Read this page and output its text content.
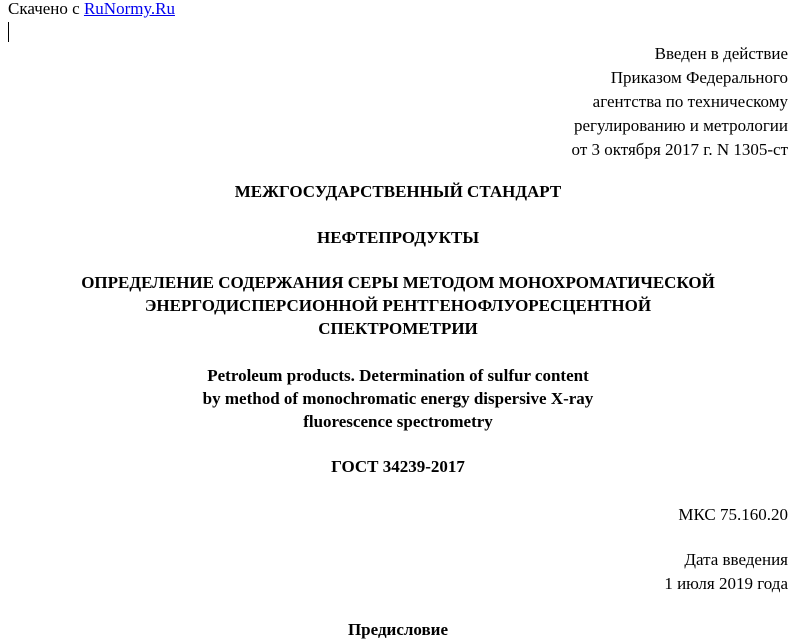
Скачено с RuNormy.Ru
Введен в действие
Приказом Федерального
агентства по техническому
регулированию и метрологии
от 3 октября 2017 г. N 1305-ст
МЕЖГОСУДАРСТВЕННЫЙ СТАНДАРТ
НЕФТЕПРОДУКТЫ
ОПРЕДЕЛЕНИЕ СОДЕРЖАНИЯ СЕРЫ МЕТОДОМ МОНОХРОМАТИЧЕСКОЙ
ЭНЕРГОДИСПЕРСИОННОЙ РЕНТГЕНОФЛУОРЕСЦЕНТНОЙ
СПЕКТРОМЕТРИИ
Petroleum products. Determination of sulfur content
by method of monochromatic energy dispersive X-ray
fluorescence spectrometry
ГОСТ 34239-2017
МКС 75.160.20
Дата введения
1 июля 2019 года
Предисловие
